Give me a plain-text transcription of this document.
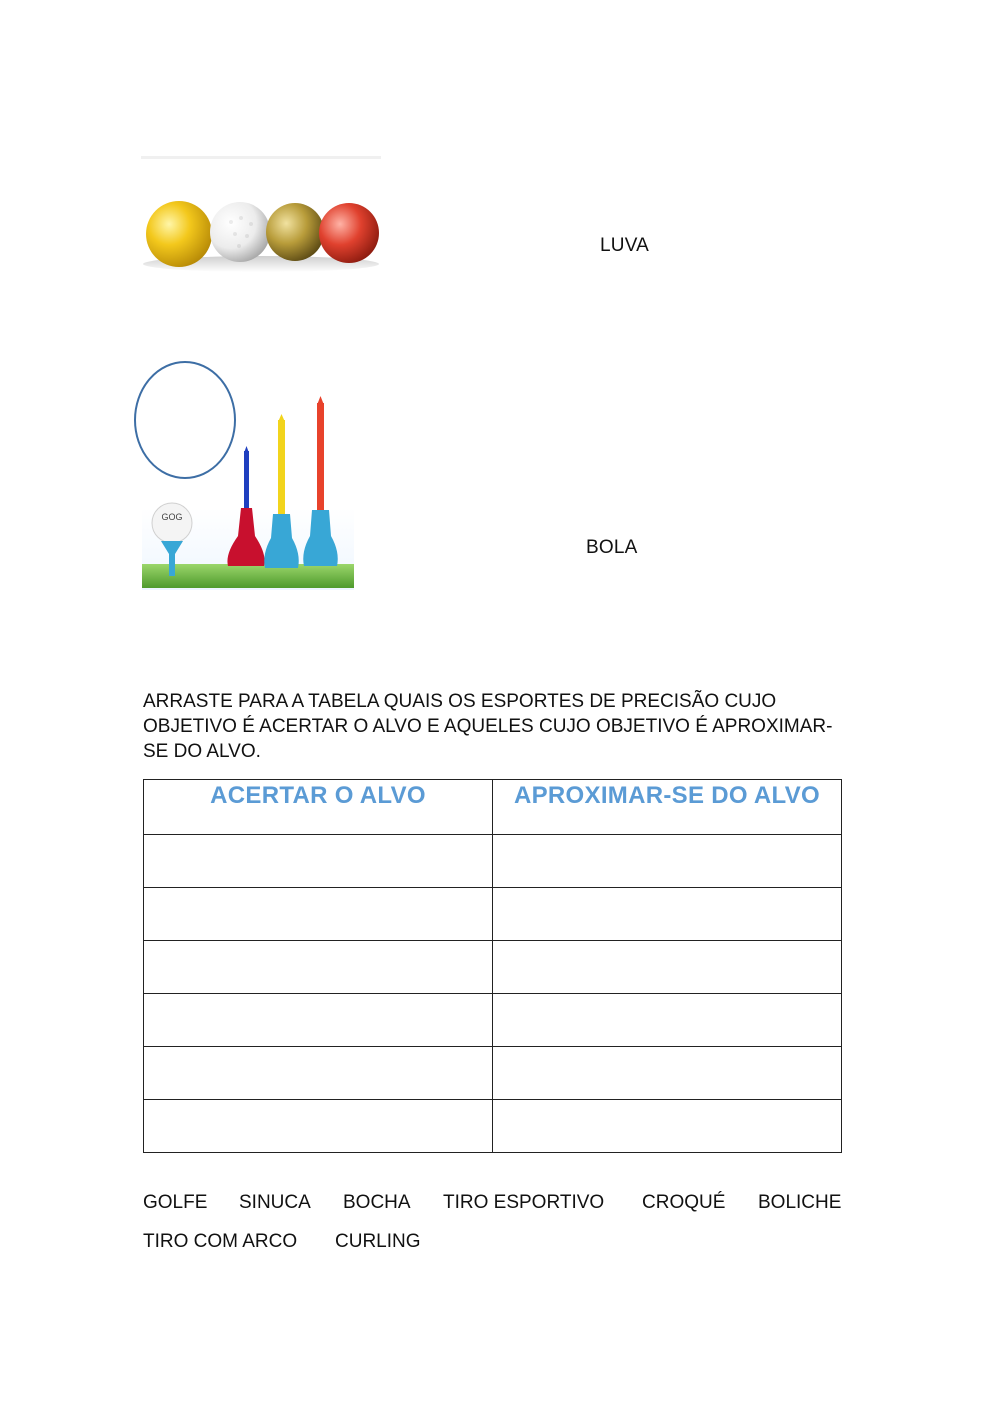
GOG
LUVA
BOLA
ARRASTE PARA A TABELA QUAIS OS ESPORTES DE PRECISÃO CUJO OBJETIVO É ACERTAR O ALVO E AQUELES CUJO OBJETIVO É APROXIMAR-SE DO ALVO.
ACERTAR O ALVO	APROXIMAR-SE DO ALVO

GOLFE SINUCA BOCHA TIRO ESPORTIVO CROQUÉ BOLICHE
TIRO COM ARCO CURLING
